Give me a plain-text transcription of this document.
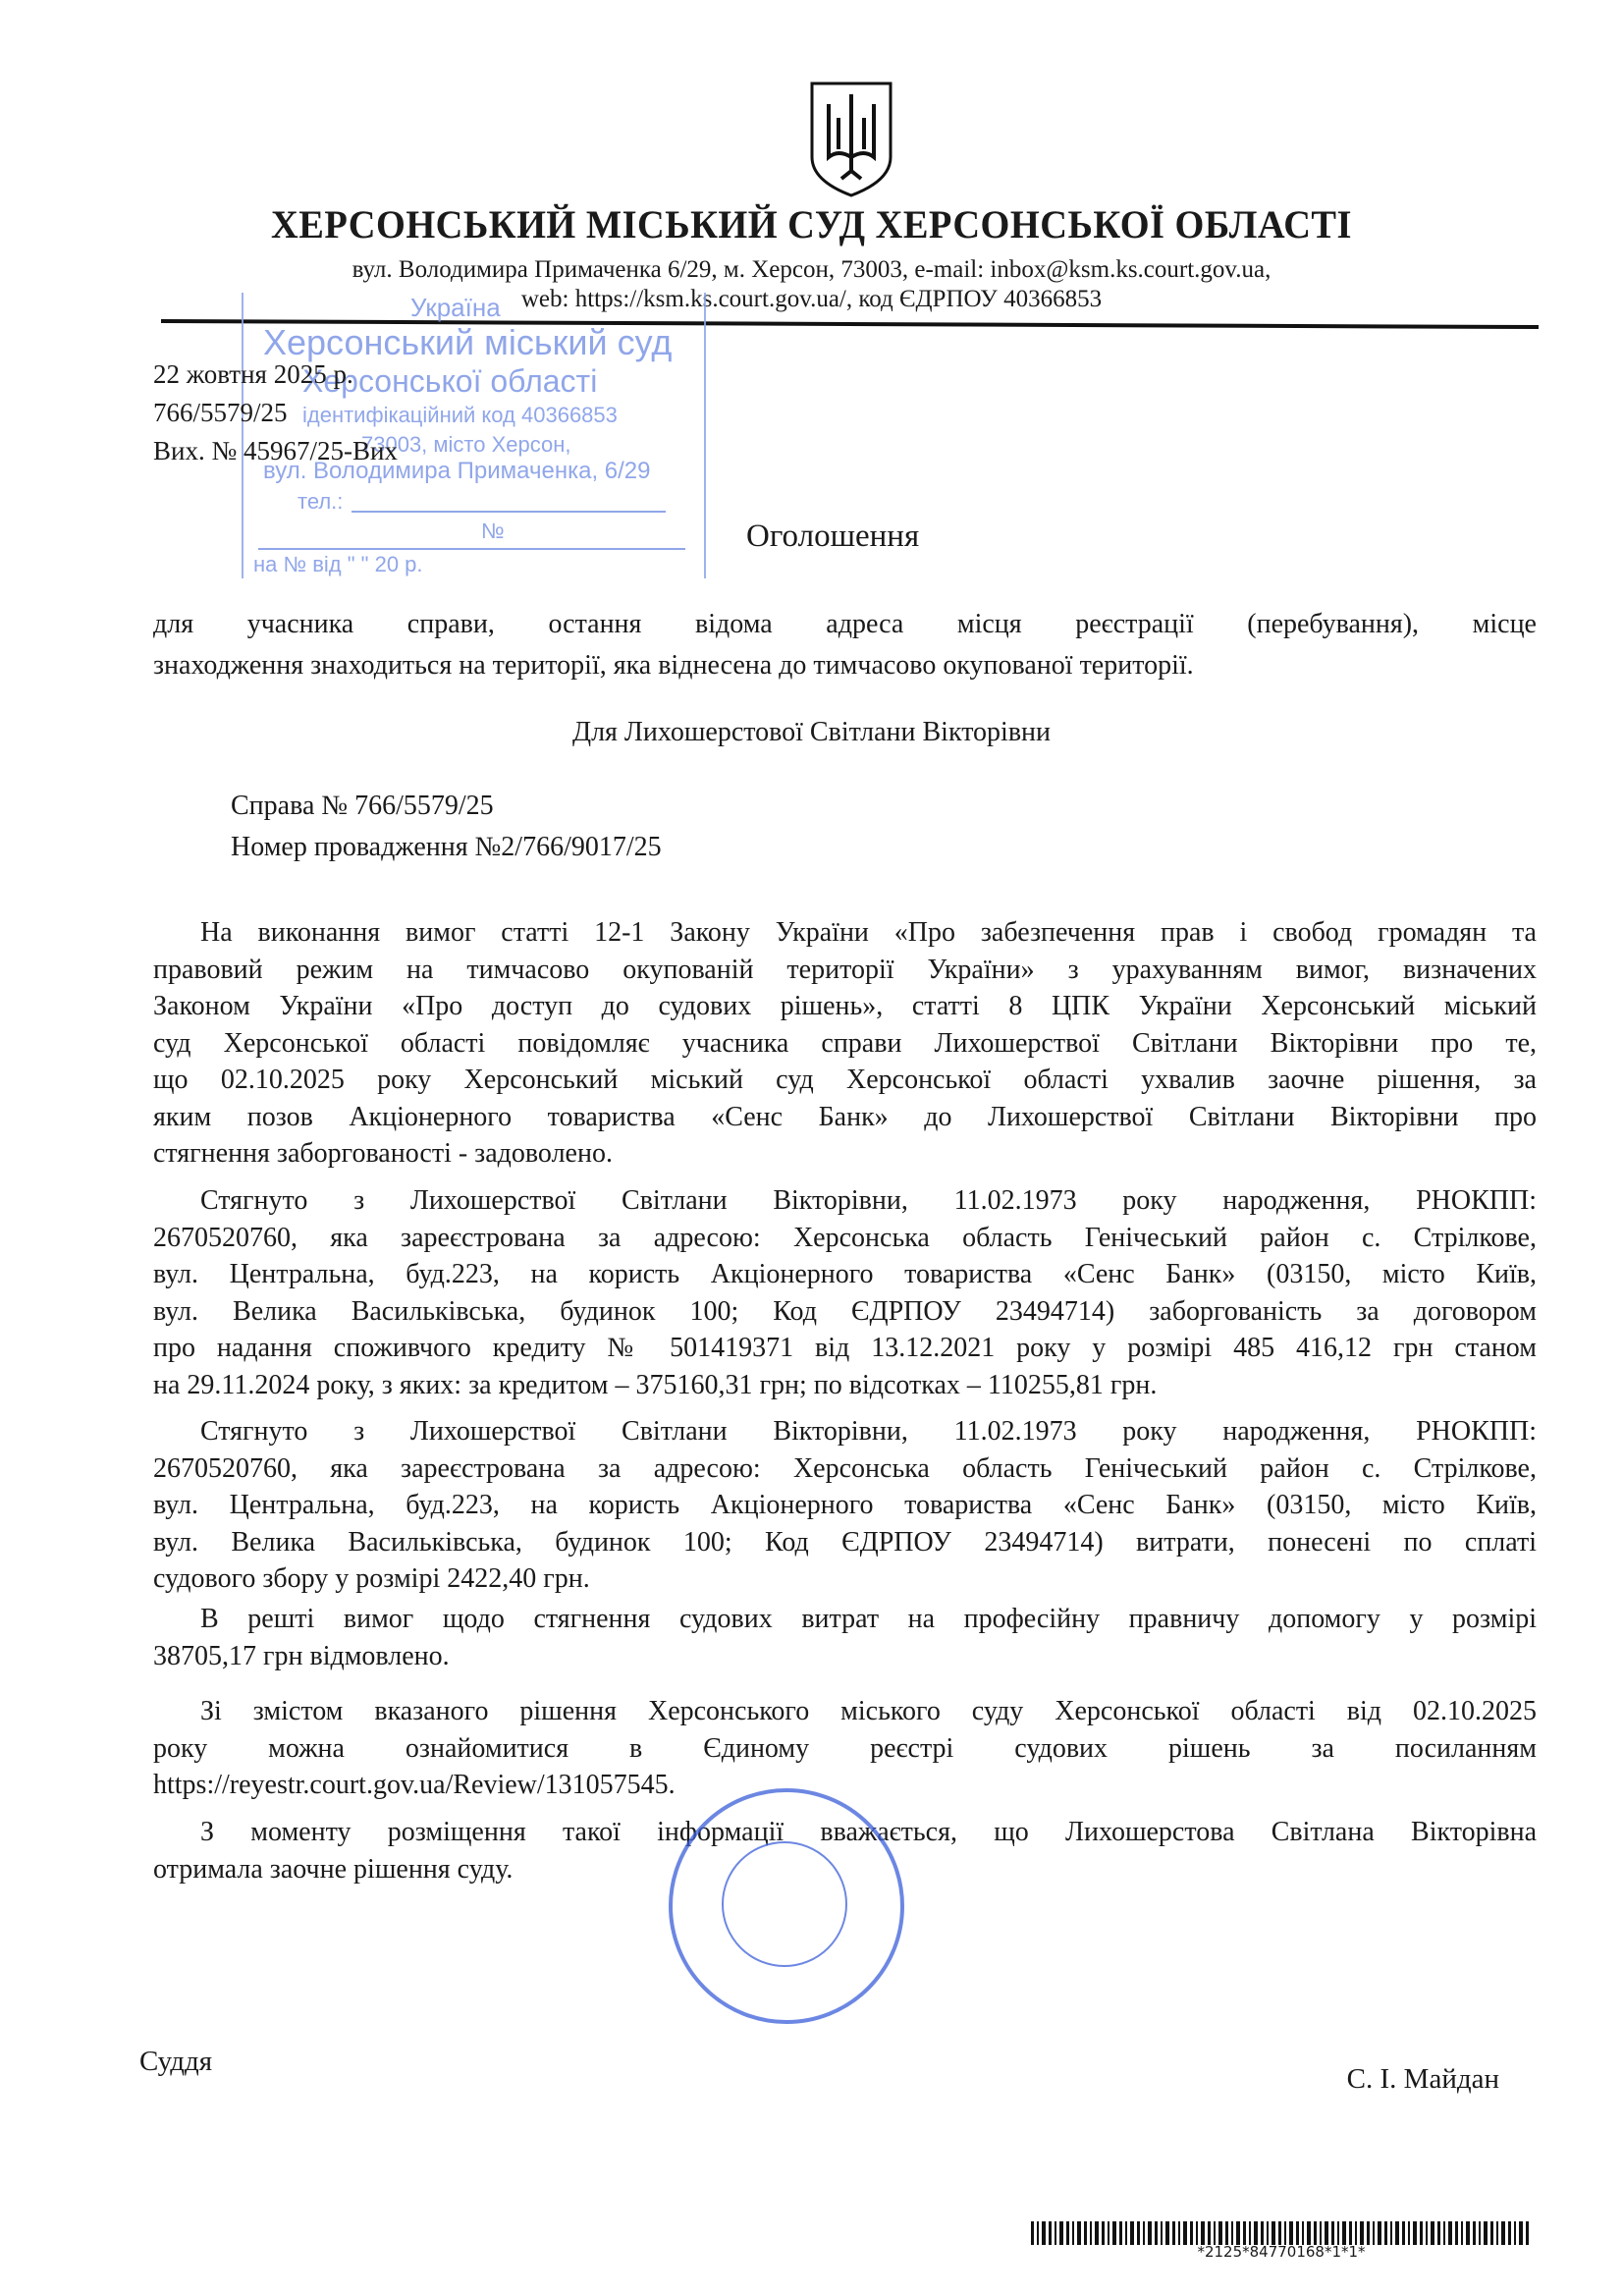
ХЕРСОНСЬКИЙ МІСЬКИЙ СУД ХЕРСОНСЬКОЇ ОБЛАСТІ
вул. Володимира Примаченка 6/29, м. Херсон, 73003, e-mail: inbox@ksm.ks.court.gov.ua,
web: https://ksm.ks.court.gov.ua/, код ЄДРПОУ 40366853
Україна
Херсонський міський суд
Херсонської області
ідентифікаційний код 40366853
73003, місто Херсон,
вул. Володимира Примаченка, 6/29
тел.:
№
на № від " " 20 р.
22 жовтня 2025 р.
766/5579/25
Вих. № 45967/25-Вих
Оголошення
для учасника справи, остання відома адреса місця реєстрації (перебування), місце
знаходження знаходиться на території, яка віднесена до тимчасово окупованої території.
Для Лихошерстової Світлани Вікторівни
Справа № 766/5579/25
Номер провадження №2/766/9017/25
На виконання вимог статті 12-1 Закону України «Про забезпечення прав і свобод громадян та
правовий режим на тимчасово окупованій території України» з урахуванням вимог, визначених
Законом України «Про доступ до судових рішень», статті 8 ЦПК України Херсонський міський
суд Херсонської області повідомляє учасника справи Лихошерствої Світлани Вікторівни про те,
що 02.10.2025 року Херсонський міський суд Херсонської області ухвалив заочне рішення, за
яким позов Акціонерного товариства «Сенс Банк» до Лихошерствої Світлани Вікторівни про
стягнення заборгованості - задоволено.
Стягнуто з Лихошерствої Світлани Вікторівни, 11.02.1973 року народження, РНОКПП:
2670520760, яка зареєстрована за адресою: Херсонська область Генічеський район с. Стрілкове,
вул. Центральна, буд.223, на користь Акціонерного товариства «Сенс Банк» (03150, місто Київ,
вул. Велика Васильківська, будинок 100; Код ЄДРПОУ 23494714) заборгованість за договором
про надання споживчого кредиту № 501419371 від 13.12.2021 року у розмірі 485 416,12 грн станом
на 29.11.2024 року, з яких: за кредитом – 375160,31 грн; по відсотках – 110255,81 грн.
Стягнуто з Лихошерствої Світлани Вікторівни, 11.02.1973 року народження, РНОКПП:
2670520760, яка зареєстрована за адресою: Херсонська область Генічеський район с. Стрілкове,
вул. Центральна, буд.223, на користь Акціонерного товариства «Сенс Банк» (03150, місто Київ,
вул. Велика Васильківська, будинок 100; Код ЄДРПОУ 23494714) витрати, понесені по сплаті
судового збору у розмірі 2422,40 грн.
В решті вимог щодо стягнення судових витрат на професійну правничу допомогу у розмірі
38705,17 грн відмовлено.
Зі змістом вказаного рішення Херсонського міського суду Херсонської області від 02.10.2025
року можна ознайомитися в Єдиному реєстрі судових рішень за посиланням
https://reyestr.court.gov.ua/Review/131057545.
З моменту розміщення такої інформації вважається, що Лихошерстова Світлана Вікторівна
отримала заочне рішення суду.
Суддя
С. І. Майдан
*2125*84770168*1*1*
